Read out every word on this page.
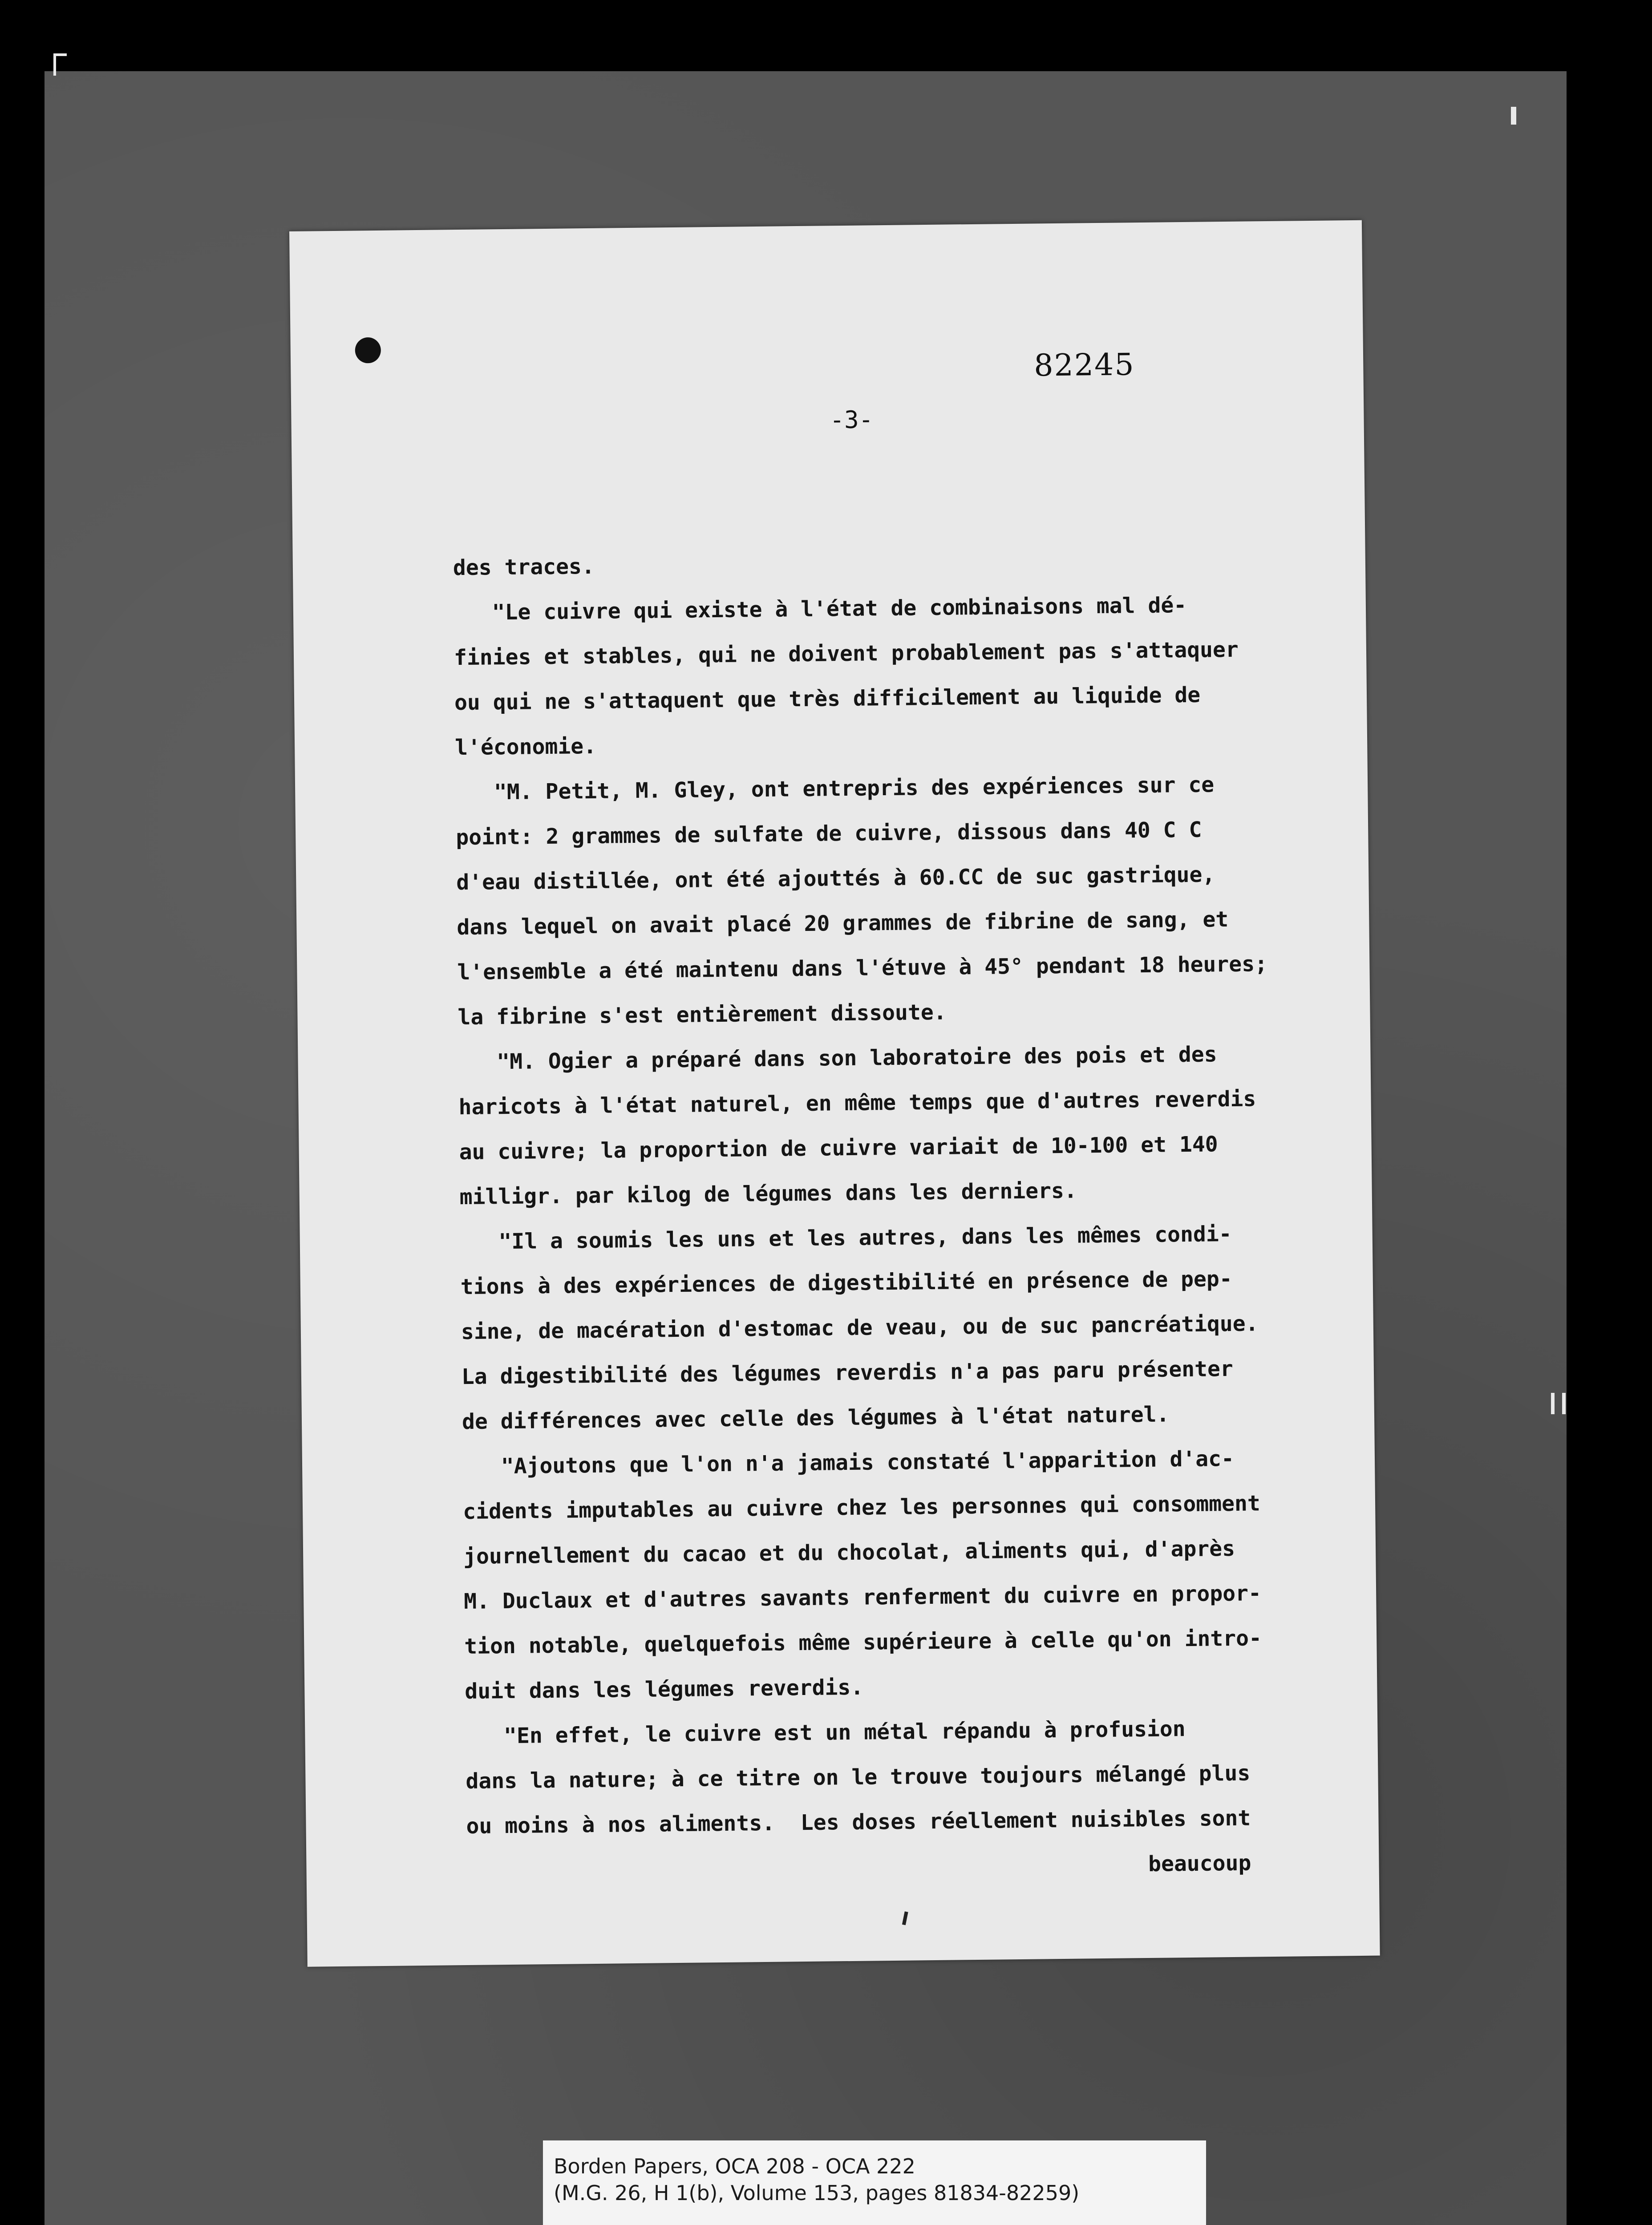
82245
-3-
des traces.
"Le cuivre qui existe à l'état de combinaisons mal dé-
finies et stables, qui ne doivent probablement pas s'attaquer
ou qui ne s'attaquent que très difficilement au liquide de
l'économie.
"M. Petit, M. Gley, ont entrepris des expériences sur ce
point: 2 grammes de sulfate de cuivre, dissous dans 40 C C
d'eau distillée, ont été ajouttés à 60.CC de suc gastrique,
dans lequel on avait placé 20 grammes de fibrine de sang, et
l'ensemble a été maintenu dans l'étuve à 45° pendant 18 heures;
la fibrine s'est entièrement dissoute.
"M. Ogier a préparé dans son laboratoire des pois et des
haricots à l'état naturel, en même temps que d'autres reverdis
au cuivre; la proportion de cuivre variait de 10-100 et 140
milligr. par kilog de légumes dans les derniers.
"Il a soumis les uns et les autres, dans les mêmes condi-
tions à des expériences de digestibilité en présence de pep-
sine, de macération d'estomac de veau, ou de suc pancréatique.
La digestibilité des légumes reverdis n'a pas paru présenter
de différences avec celle des légumes à l'état naturel.
"Ajoutons que l'on n'a jamais constaté l'apparition d'ac-
cidents imputables au cuivre chez les personnes qui consomment
journellement du cacao et du chocolat, aliments qui, d'après
M. Duclaux et d'autres savants renferment du cuivre en propor-
tion notable, quelquefois même supérieure à celle qu'on intro-
duit dans les légumes reverdis.
"En effet, le cuivre est un métal répandu à profusion
dans la nature; à ce titre on le trouve toujours mélangé plus
ou moins à nos aliments.  Les doses réellement nuisibles sont
beaucoup
Borden Papers, OCA 208 - OCA 222
(M.G. 26, H 1(b), Volume 153, pages 81834-82259)
